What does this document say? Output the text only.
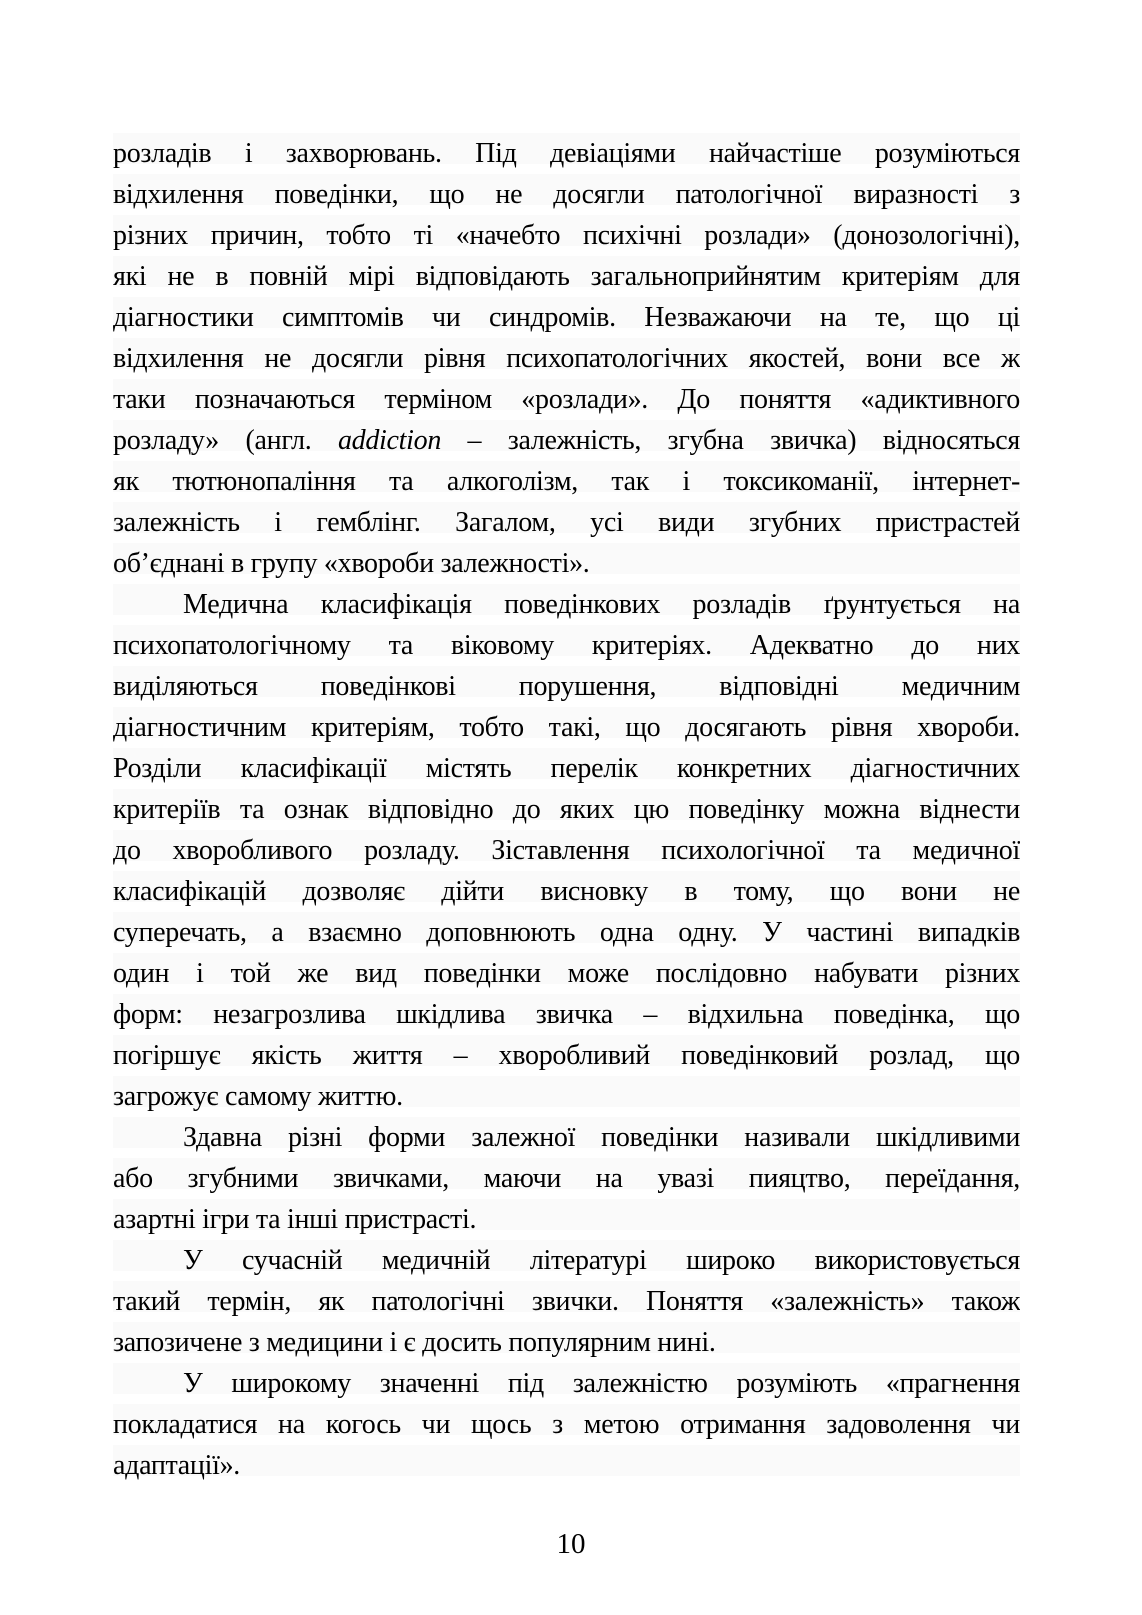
розладів і захворювань. Під девіаціями найчастіше розуміються
відхилення поведінки, що не досягли патологічної виразності з
різних причин, тобто ті «начебто психічні розлади» (донозологічні),
які не в повній мірі відповідають загальноприйнятим критеріям для
діагностики симптомів чи синдромів. Незважаючи на те, що ці
відхилення не досягли рівня психопатологічних якостей, вони все ж
таки позначаються терміном «розлади». До поняття «адиктивного
розладу» (англ. addiction – залежність, згубна звичка) відносяться
як тютюнопаління та алкоголізм, так і токсикоманії, інтернет-
залежність і гемблінг. Загалом, усі види згубних пристрастей
об’єднані в групу «хвороби залежності».
Медична класифікація поведінкових розладів ґрунтується на
психопатологічному та віковому критеріях. Адекватно до них
виділяються поведінкові порушення, відповідні медичним
діагностичним критеріям, тобто такі, що досягають рівня хвороби.
Розділи класифікації містять перелік конкретних діагностичних
критеріїв та ознак відповідно до яких цю поведінку можна віднести
до хворобливого розладу. Зіставлення психологічної та медичної
класифікацій дозволяє дійти висновку в тому, що вони не
суперечать, а взаємно доповнюють одна одну. У частині випадків
один і той же вид поведінки може послідовно набувати різних
форм: незагрозлива шкідлива звичка – відхильна поведінка, що
погіршує якість життя – хворобливий поведінковий розлад, що
загрожує самому життю.
Здавна різні форми залежної поведінки називали шкідливими
або згубними звичками, маючи на увазі пияцтво, переїдання,
азартні ігри та інші пристрасті.
У сучасній медичній літературі широко використовується
такий термін, як патологічні звички. Поняття «залежність» також
запозичене з медицини і є досить популярним нині.
У широкому значенні під залежністю розуміють «прагнення
покладатися на когось чи щось з метою отримання задоволення чи
адаптації».
10
